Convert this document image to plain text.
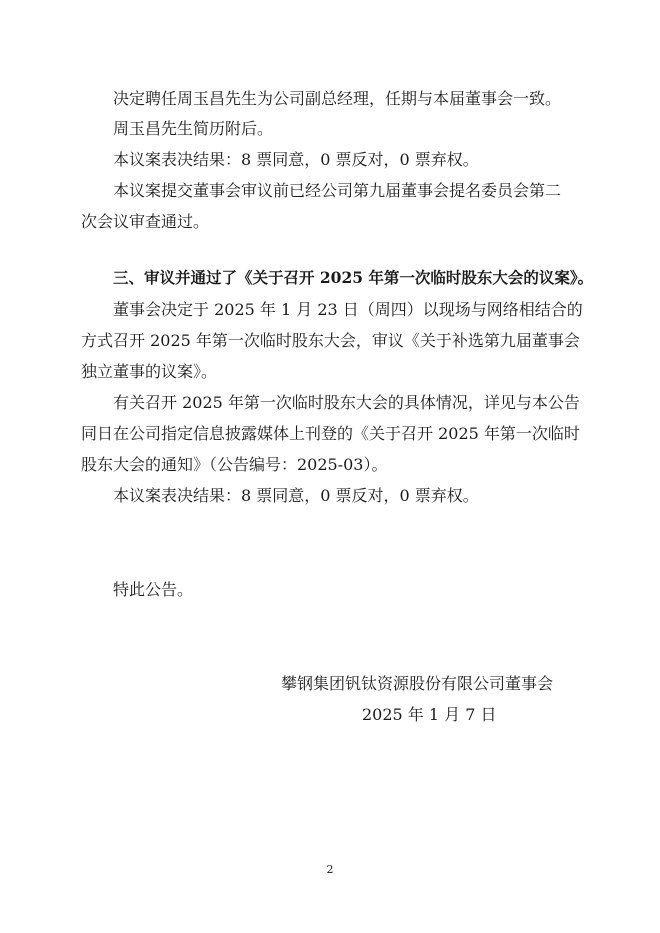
决定聘任周玉昌先生为公司副总经理，任期与本届董事会一致。
周玉昌先生简历附后。
本议案表决结果：8 票同意，0 票反对，0 票弃权。
本议案提交董事会审议前已经公司第九届董事会提名委员会第二
次会议审查通过。
三、审议并通过了《关于召开 2025 年第一次临时股东大会的议案》。
董事会决定于 2025 年 1 月 23 日（周四）以现场与网络相结合的
方式召开 2025 年第一次临时股东大会，审议《关于补选第九届董事会
独立董事的议案》。
有关召开 2025 年第一次临时股东大会的具体情况，详见与本公告
同日在公司指定信息披露媒体上刊登的《关于召开 2025 年第一次临时
股东大会的通知》（公告编号：2025-03）。
本议案表决结果：8 票同意，0 票反对，0 票弃权。
特此公告。
攀钢集团钒钛资源股份有限公司董事会
2025 年 1 月 7 日
2
